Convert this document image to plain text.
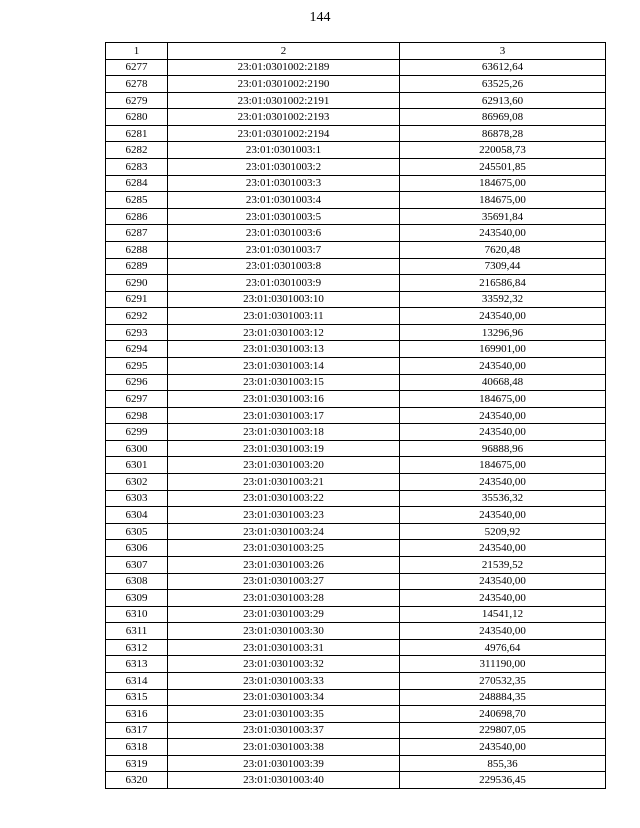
144
1	2	3
6277	23:01:0301002:2189	63612,64
6278	23:01:0301002:2190	63525,26
6279	23:01:0301002:2191	62913,60
6280	23:01:0301002:2193	86969,08
6281	23:01:0301002:2194	86878,28
6282	23:01:0301003:1	220058,73
6283	23:01:0301003:2	245501,85
6284	23:01:0301003:3	184675,00
6285	23:01:0301003:4	184675,00
6286	23:01:0301003:5	35691,84
6287	23:01:0301003:6	243540,00
6288	23:01:0301003:7	7620,48
6289	23:01:0301003:8	7309,44
6290	23:01:0301003:9	216586,84
6291	23:01:0301003:10	33592,32
6292	23:01:0301003:11	243540,00
6293	23:01:0301003:12	13296,96
6294	23:01:0301003:13	169901,00
6295	23:01:0301003:14	243540,00
6296	23:01:0301003:15	40668,48
6297	23:01:0301003:16	184675,00
6298	23:01:0301003:17	243540,00
6299	23:01:0301003:18	243540,00
6300	23:01:0301003:19	96888,96
6301	23:01:0301003:20	184675,00
6302	23:01:0301003:21	243540,00
6303	23:01:0301003:22	35536,32
6304	23:01:0301003:23	243540,00
6305	23:01:0301003:24	5209,92
6306	23:01:0301003:25	243540,00
6307	23:01:0301003:26	21539,52
6308	23:01:0301003:27	243540,00
6309	23:01:0301003:28	243540,00
6310	23:01:0301003:29	14541,12
6311	23:01:0301003:30	243540,00
6312	23:01:0301003:31	4976,64
6313	23:01:0301003:32	311190,00
6314	23:01:0301003:33	270532,35
6315	23:01:0301003:34	248884,35
6316	23:01:0301003:35	240698,70
6317	23:01:0301003:37	229807,05
6318	23:01:0301003:38	243540,00
6319	23:01:0301003:39	855,36
6320	23:01:0301003:40	229536,45
